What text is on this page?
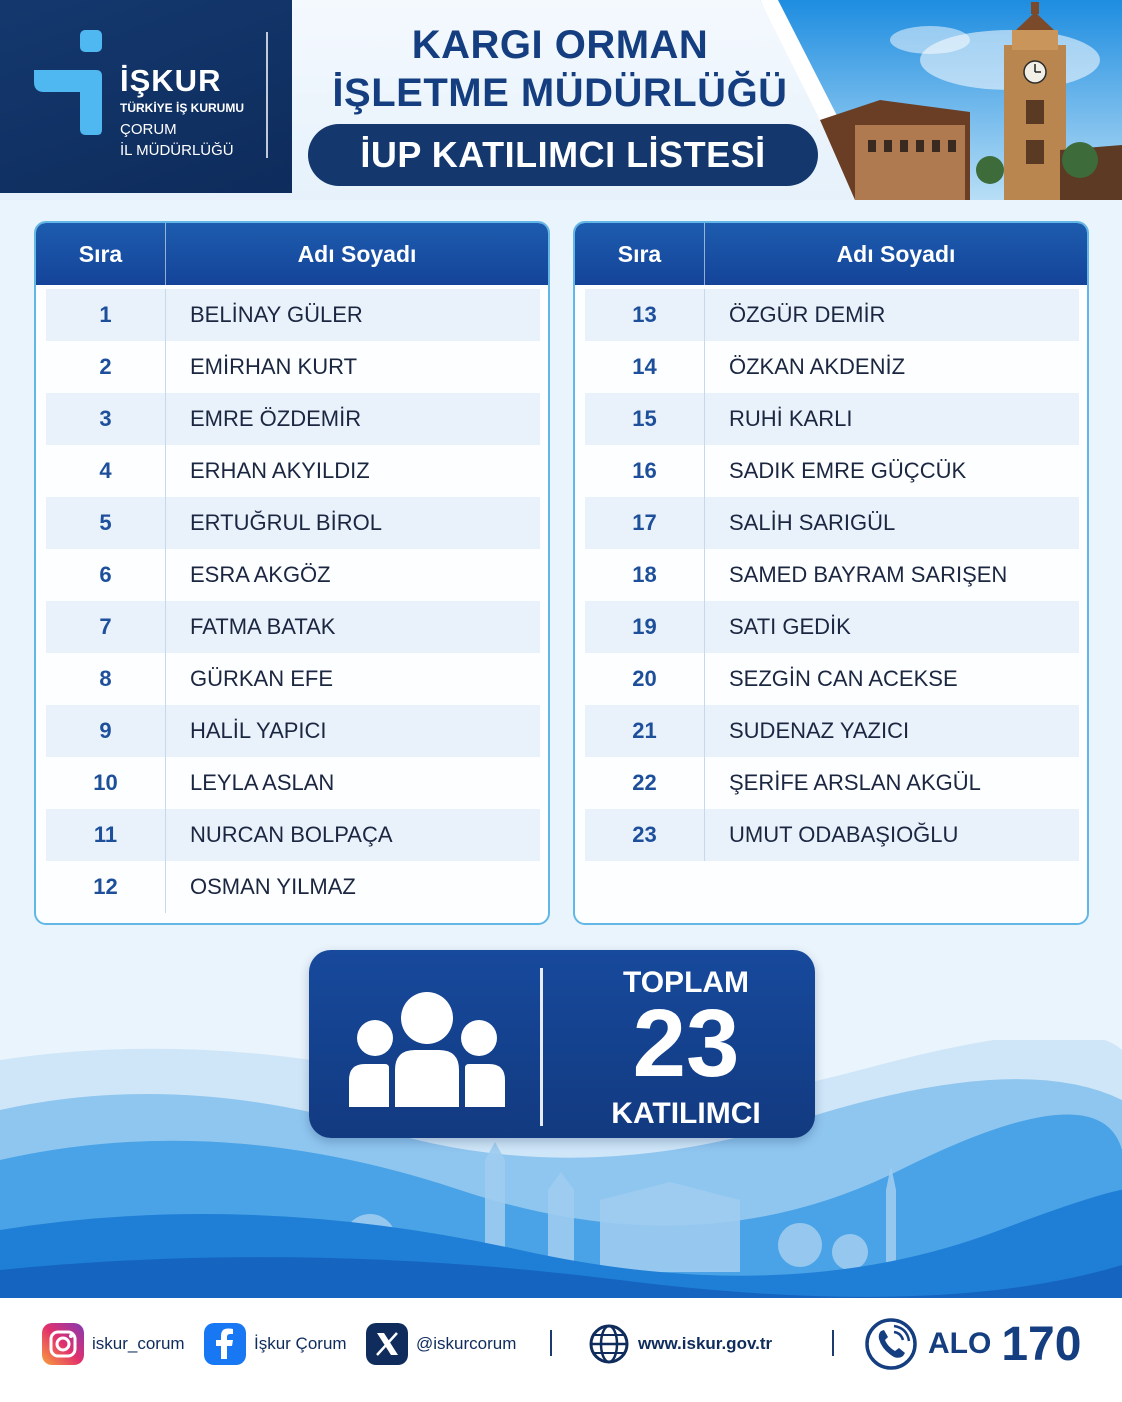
İŞKUR
TÜRKİYE İŞ KURUMU
ÇORUM
İL MÜDÜRLÜĞÜ
KARGI ORMAN
İŞLETME MÜDÜRLÜĞÜ
İUP KATILIMCI LİSTESİ
Sıra	Adı Soyadı
1	BELİNAY GÜLER
2	EMİRHAN KURT
3	EMRE ÖZDEMİR
4	ERHAN AKYILDIZ
5	ERTUĞRUL BİROL
6	ESRA AKGÖZ
7	FATMA BATAK
8	GÜRKAN EFE
9	HALİL YAPICI
10	LEYLA ASLAN
11	NURCAN BOLPAÇA
12	OSMAN YILMAZ
Sıra	Adı Soyadı
13	ÖZGÜR DEMİR
14	ÖZKAN AKDENİZ
15	RUHİ KARLI
16	SADIK EMRE GÜÇCÜK
17	SALİH SARIGÜL
18	SAMED BAYRAM SARIŞEN
19	SATI GEDİK
20	SEZGİN CAN ACEKSE
21	SUDENAZ YAZICI
22	ŞERİFE ARSLAN AKGÜL
23	UMUT ODABAŞIOĞLU
TOPLAM
23
KATILIMCI
iskur_corum	İşkur Çorum	@iskurcorum	www.iskur.gov.tr	ALO 170
